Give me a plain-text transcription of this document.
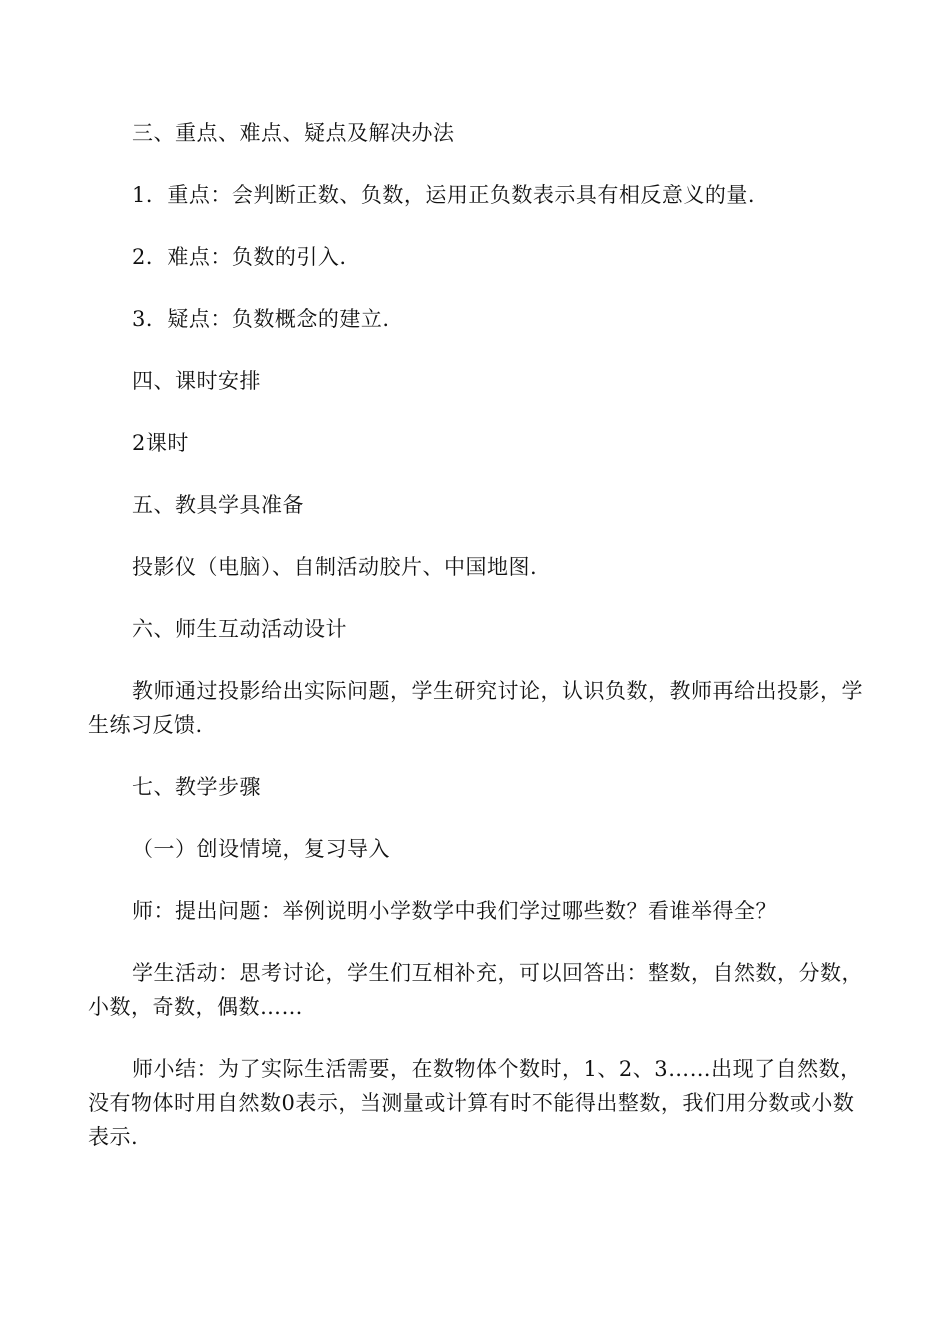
三、重点、难点、疑点及解决办法

1．重点：会判断正数、负数，运用正负数表示具有相反意义的量.

2．难点：负数的引入.

3．疑点：负数概念的建立.

四、课时安排

2课时

五、教具学具准备

投影仪（电脑）、自制活动胶片、中国地图.

六、师生互动活动设计

教师通过投影给出实际问题，学生研究讨论，认识负数，教师再给出投影，学生练习反馈.

七、教学步骤

（一）创设情境，复习导入

师：提出问题：举例说明小学数学中我们学过哪些数？看谁举得全？

学生活动：思考讨论，学生们互相补充，可以回答出：整数，自然数，分数，小数，奇数，偶数……

师小结：为了实际生活需要，在数物体个数时，1、2、3……出现了自然数，没有物体时用自然数0表示，当测量或计算有时不能得出整数，我们用分数或小数表示.
